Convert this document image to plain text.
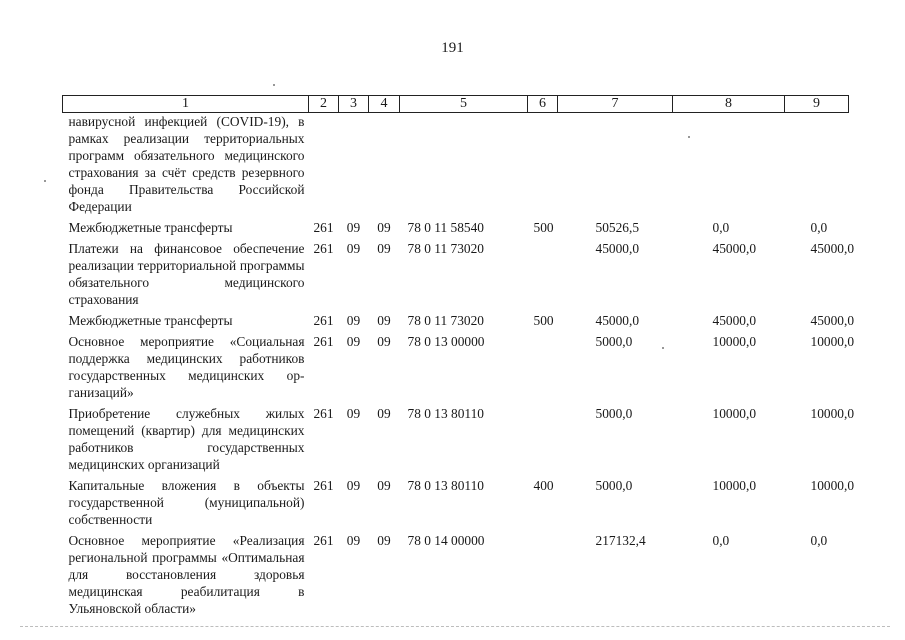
191
1	2	3	4	5	6	7	8	9
навирусной инфекцией (COVID-19), в рамках реализации территориальных программ обязательного медицинского страхования за счёт средств резервного фонда Правительства Российской Федерации								
Межбюджетные трансферты	261	09	09	78 0 11 58540	500	50526,5	0,0	0,0
Платежи на финансовое обеспечение реализации территориальной программы обязательного медицинского страхования	261	09	09	78 0 11 73020		45000,0	45000,0	45000,0
Межбюджетные трансферты	261	09	09	78 0 11 73020	500	45000,0	45000,0	45000,0
Основное мероприятие «Социальная поддержка медицинских работников государственных медицинских организаций»	261	09	09	78 0 13 00000		5000,0	10000,0	10000,0
Приобретение служебных жилых помещений (квартир) для медицинских работников государственных медицинских организаций	261	09	09	78 0 13 80110		5000,0	10000,0	10000,0
Капитальные вложения в объекты государственной (муниципальной) собственности	261	09	09	78 0 13 80110	400	5000,0	10000,0	10000,0
Основное мероприятие «Реализация региональной программы «Оптимальная для восстановления здоровья медицинская реабилитация в Ульяновской области»	261	09	09	78 0 14 00000		217132,4	0,0	0,0
